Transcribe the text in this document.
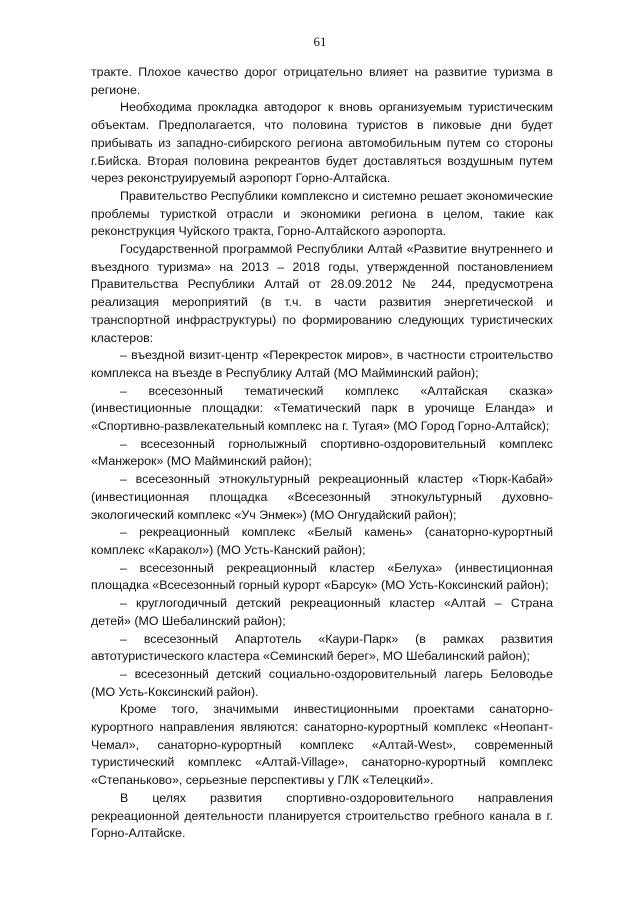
61

тракте. Плохое качество дорог отрицательно влияет на развитие туризма в регионе.

Необходима прокладка автодорог к вновь организуемым туристическим объектам. Предполагается, что половина туристов в пиковые дни будет прибывать из западно-сибирского региона автомобильным путем со стороны г.Бийска. Вторая половина рекреантов будет доставляться воздушным путем через реконструируемый аэропорт Горно-Алтайска.

Правительство Республики комплексно и системно решает экономические проблемы туристкой отрасли и экономики региона в целом, такие как реконструкция Чуйского тракта, Горно-Алтайского аэропорта.

Государственной программой Республики Алтай «Развитие внутреннего и въездного туризма» на 2013 – 2018 годы, утвержденной постановлением Правительства Республики Алтай от 28.09.2012 № 244, предусмотрена реализация мероприятий (в т.ч. в части развития энергетической и транспортной инфраструктуры) по формированию следующих туристических кластеров:

– въездной визит-центр «Перекресток миров», в частности строительство комплекса на въезде в Республику Алтай (МО Майминский район);

– всесезонный тематический комплекс «Алтайская сказка» (инвестиционные площадки: «Тематический парк в урочище Еланда» и «Спортивно-развлекательный комплекс на г. Тугая» (МО Город Горно-Алтайск);

– всесезонный горнолыжный спортивно-оздоровительный комплекс «Манжерок» (МО Майминский район);

– всесезонный этнокультурный рекреационный кластер «Тюрк-Кабай» (инвестиционная площадка «Всесезонный этнокультурный духовно-экологический комплекс «Уч Энмек») (МО Онгудайский район);

– рекреационный комплекс «Белый камень» (санаторно-курортный комплекс «Каракол») (МО Усть-Канский район);

– всесезонный рекреационный кластер «Белуха» (инвестиционная площадка «Всесезонный горный курорт «Барсук» (МО Усть-Коксинский район);

– круглогодичный детский рекреационный кластер «Алтай – Страна детей» (МО Шебалинский район);

– всесезонный Апартотель «Каури-Парк» (в рамках развития автотуристического кластера «Семинский берег», МО Шебалинский район);

– всесезонный детский социально-оздоровительный лагерь Беловодье (МО Усть-Коксинский район).

Кроме того, значимыми инвестиционными проектами санаторно-курортного направления являются: санаторно-курортный комплекс «Неопант-Чемал», санаторно-курортный комплекс «Алтай-West», современный туристический комплекс «Алтай-Village», санаторно-курортный комплекс «Степаньково», серьезные перспективы у ГЛК «Телецкий».

В целях развития спортивно-оздоровительного направления рекреационной деятельности планируется строительство гребного канала в г. Горно-Алтайске.
